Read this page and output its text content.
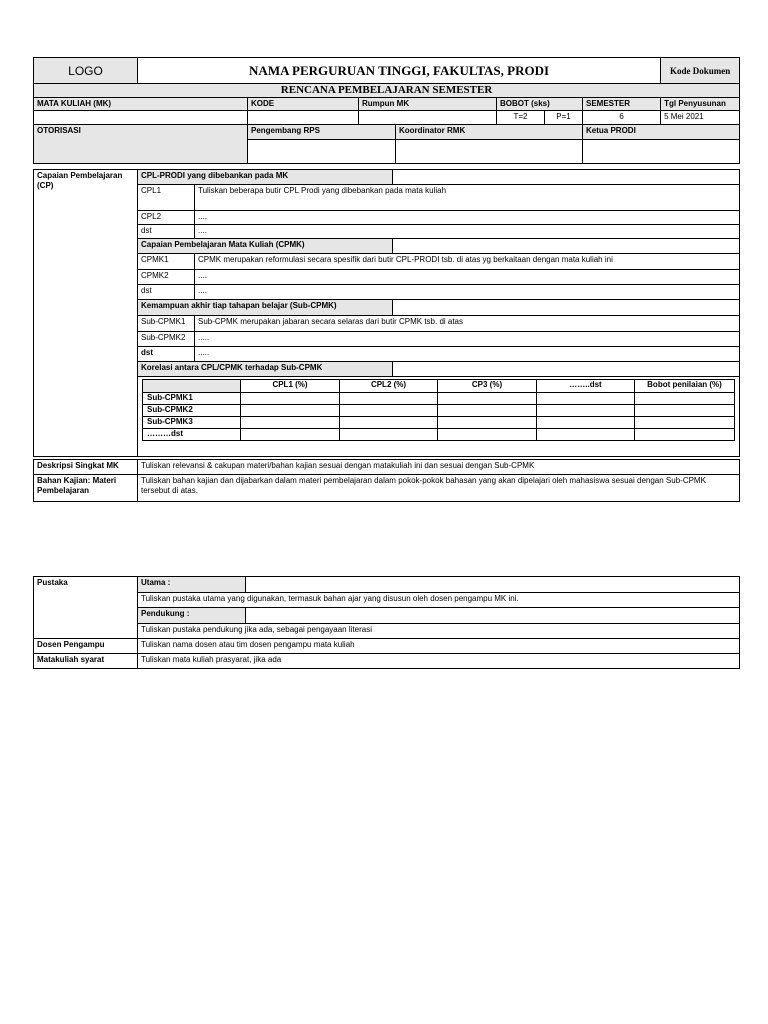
LOGO	NAMA PERGURUAN TINGGI, FAKULTAS, PRODI							Kode Dokumen
RENCANA PEMBELAJARAN SEMESTER								
MATA KULIAH (MK)		KODE	Rumpun MK		BOBOT (sks)		SEMESTER	Tgl Penyusunan
					T=2	P=1	6	5 Mei 2021
OTORISASI		Pengembang RPS		Koordinator RMK			Ketua PRODI	

Capaian Pembelajaran (CP)	CPL-PRODI yang dibebankan pada MK	
CPL1	Tuliskan beberapa butir CPL Prodi yang dibebankan pada mata kuliah
CPL2	....
dst	....
Capaian Pembelajaran Mata Kuliah (CPMK)	
CPMK1	CPMK merupakan reformulasi secara spesifik dari butir CPL-PRODI tsb. di atas yg berkaitaan dengan mata kuliah ini
CPMK2	....
dst	....
Kemampuan akhir tiap tahapan belajar (Sub-CPMK)	
Sub-CPMK1	Sub-CPMK merupakan jabaran secara selaras dari butir CPMK tsb. di atas
Sub-CPMK2	.....
dst	.....
Korelasi antara CPL/CPMK terhadap Sub-CPMK	

	CPL1 (%)	CPL2 (%)	CP3 (%)	……..dst	Bobot penilaian (%)
Sub-CPMK1					
Sub-CPMK2					
Sub-CPMK3					
………dst					
Deskripsi Singkat MK	Tuliskan relevansi & cakupan materi/bahan kajian sesuai dengan matakuliah ini dan sesuai dengan Sub-CPMK
Bahan Kajian: Materi Pembelajaran	Tuliskan bahan kajian dan dijabarkan dalam materi pembelajaran dalam pokok-pokok bahasan yang akan dipelajari oleh mahasiswa sesuai dengan Sub-CPMK tersebut di atas.
Pustaka	Utama :	
	Tuliskan pustaka utama yang digunakan, termasuk bahan ajar yang disusun oleh dosen pengampu MK ini.	
	Pendukung :	
	Tuliskan pustaka pendukung jika ada, sebagai pengayaan literasi	
Dosen Pengampu	Tuliskan nama dosen atau tim dosen pengampu mata kuliah	
Matakuliah syarat	Tuliskan mata kuliah prasyarat, jika ada	
